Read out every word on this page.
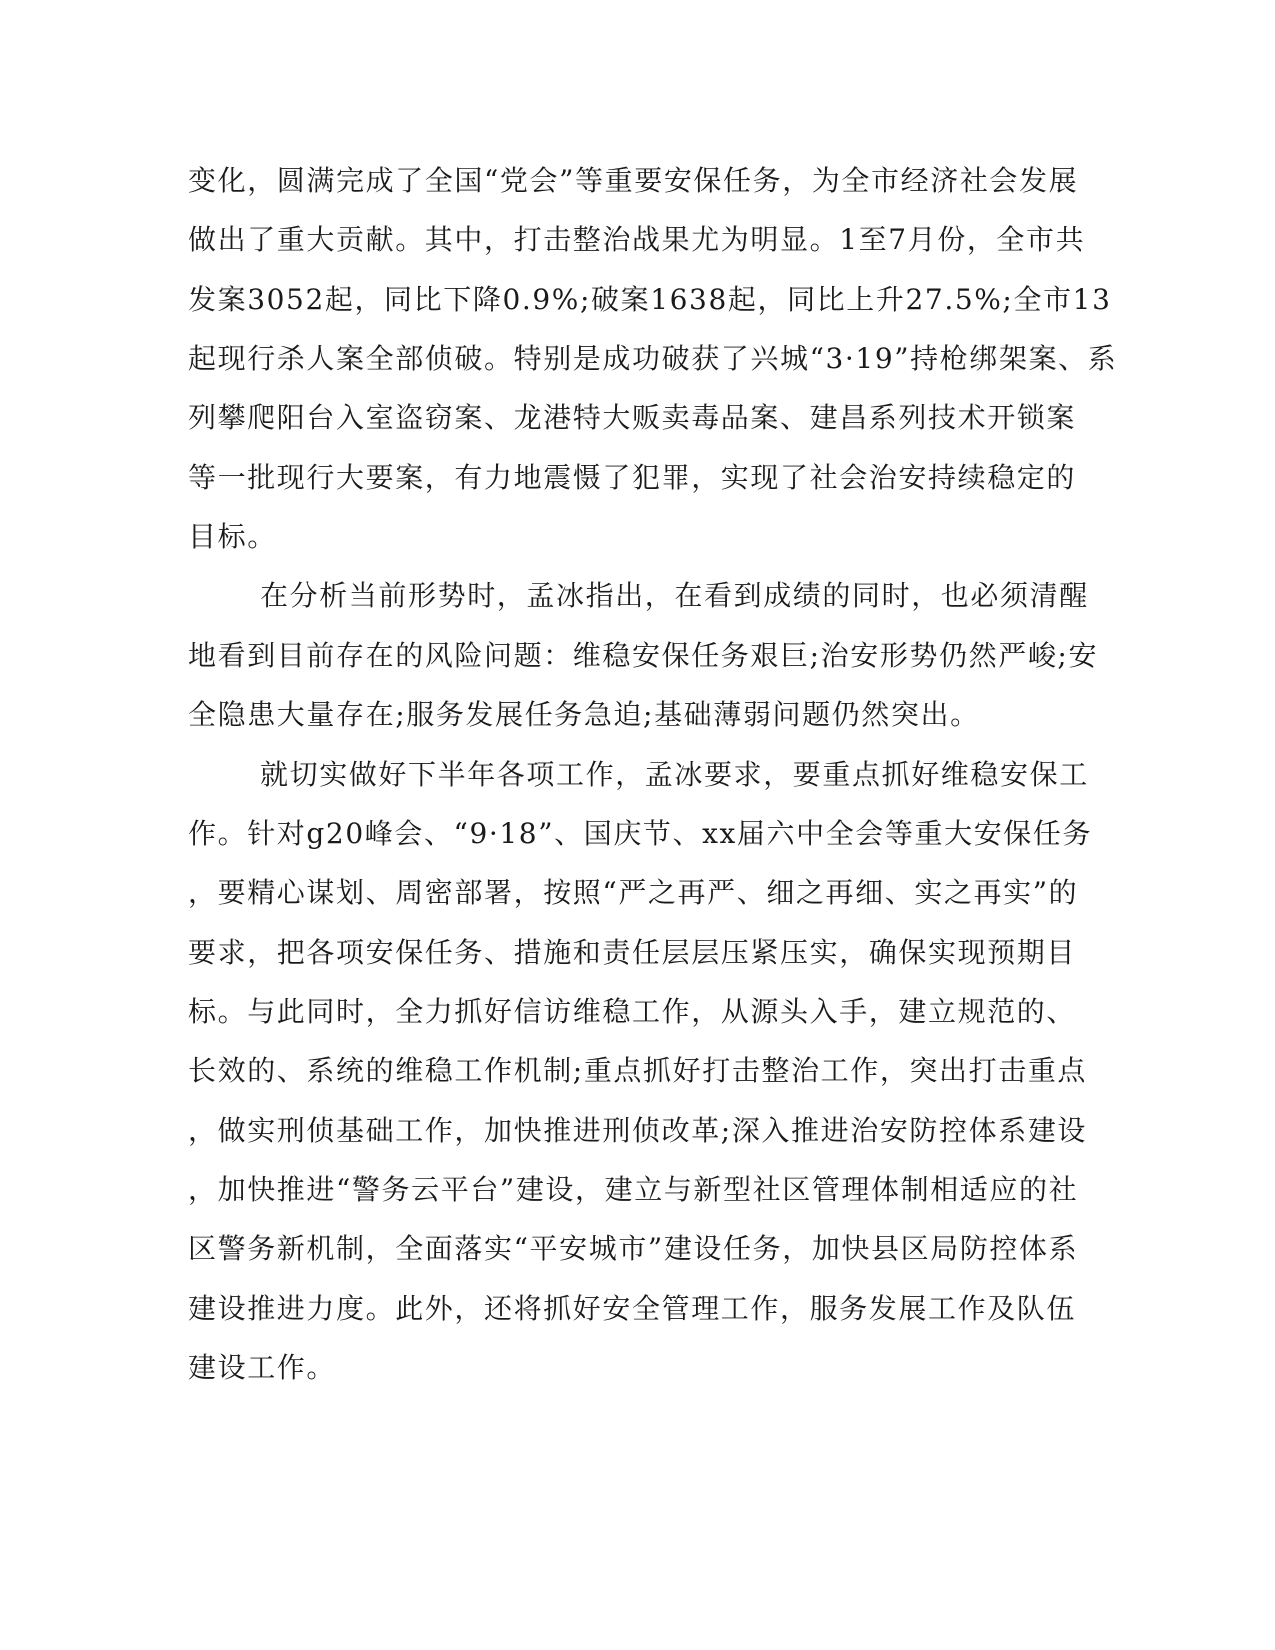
变化，圆满完成了全国“党会”等重要安保任务，为全市经济社会发展
做出了重大贡献。其中，打击整治战果尤为明显。1至7月份，全市共
发案3052起，同比下降0.9%;破案1638起，同比上升27.5%;全市13
起现行杀人案全部侦破。特别是成功破获了兴城“3·19”持枪绑架案、系
列攀爬阳台入室盗窃案、龙港特大贩卖毒品案、建昌系列技术开锁案
等一批现行大要案，有力地震慑了犯罪，实现了社会治安持续稳定的
目标。
在分析当前形势时，孟冰指出，在看到成绩的同时，也必须清醒
地看到目前存在的风险问题：维稳安保任务艰巨;治安形势仍然严峻;安
全隐患大量存在;服务发展任务急迫;基础薄弱问题仍然突出。
就切实做好下半年各项工作，孟冰要求，要重点抓好维稳安保工
作。针对g20峰会、“9·18”、国庆节、xx届六中全会等重大安保任务
，要精心谋划、周密部署，按照“严之再严、细之再细、实之再实”的
要求，把各项安保任务、措施和责任层层压紧压实，确保实现预期目
标。与此同时，全力抓好信访维稳工作，从源头入手，建立规范的、
长效的、系统的维稳工作机制;重点抓好打击整治工作，突出打击重点
，做实刑侦基础工作，加快推进刑侦改革;深入推进治安防控体系建设
，加快推进“警务云平台”建设，建立与新型社区管理体制相适应的社
区警务新机制，全面落实“平安城市”建设任务，加快县区局防控体系
建设推进力度。此外，还将抓好安全管理工作，服务发展工作及队伍
建设工作。
